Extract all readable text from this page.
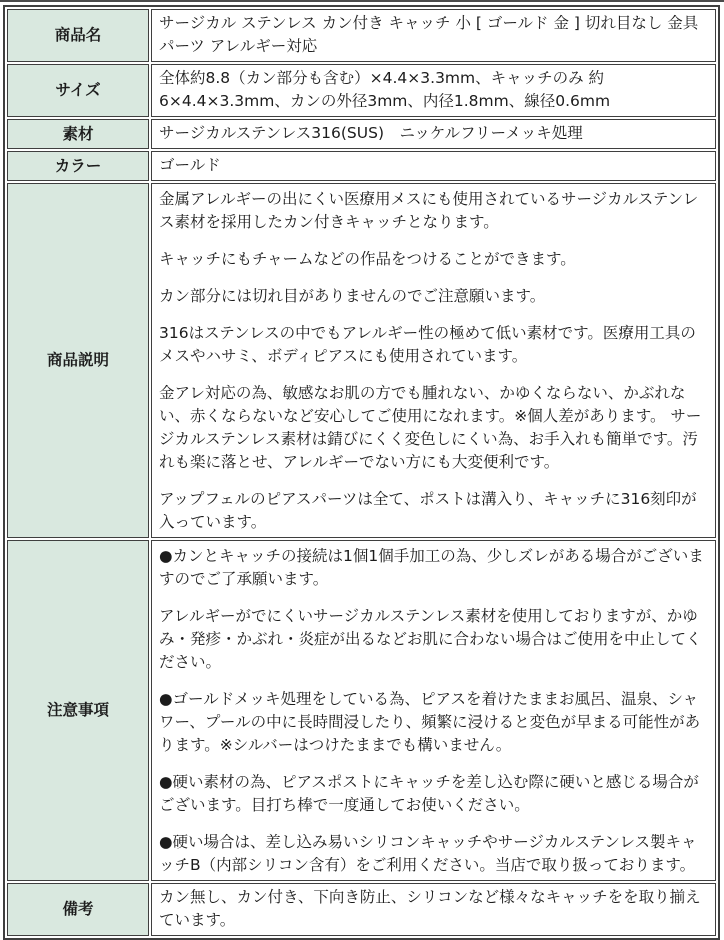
商品名	サージカル ステンレス カン付き キャッチ 小 [ ゴールド 金 ] 切れ目なし 金具 パーツ アレルギー対応

サイズ	全体約8.8（カン部分も含む）×4.4×3.3mm、キャッチのみ 約6×4.4×3.3mm、カンの外径3mm、内径1.8mm、線径0.6mm

素材	サージカルステンレス316(SUS)　ニッケルフリーメッキ処理

カラー	ゴールド

商品説明	

金属アレルギーの出にくい医療用メスにも使用されているサージカルステンレス素材を採用したカン付きキャッチとなります。

キャッチにもチャームなどの作品をつけることができます。

カン部分には切れ目がありませんのでご注意願います。

316はステンレスの中でもアレルギー性の極めて低い素材です。医療用工具のメスやハサミ、ボディピアスにも使用されています。

金アレ対応の為、敏感なお肌の方でも腫れない、かゆくならない、かぶれない、赤くならないなど安心してご使用になれます。※個人差があります。 サージカルステンレス素材は錆びにくく変色しにくい為、お手入れも簡単です。汚れも楽に落とせ、アレルギーでない方にも大変便利です。

アップフェルのピアスパーツは全て、ポストは溝入り、キャッチに316刻印が入っています。

注意事項	●カンとキャッチの接続は1個1個手加工の為、少しズレがある場合がございますのでご了承願います。

アレルギーがでにくいサージカルステンレス素材を使用しておりますが、かゆみ・発疹・かぶれ・炎症が出るなどお肌に合わない場合はご使用を中止してください。

●ゴールドメッキ処理をしている為、ピアスを着けたままお風呂、温泉、シャワー、プールの中に長時間浸したり、頻繁に浸けると変色が早まる可能性があります。※シルバーはつけたままでも構いません。

●硬い素材の為、ピアスポストにキャッチを差し込む際に硬いと感じる場合がございます。目打ち棒で一度通してお使いください。

●硬い場合は、差し込み易いシリコンキャッチやサージカルステンレス製キャッチB（内部シリコン含有）をご利用ください。当店で取り扱っております。

備考	カン無し、カン付き、下向き防止、シリコンなど様々なキャッチをを取り揃えています。
